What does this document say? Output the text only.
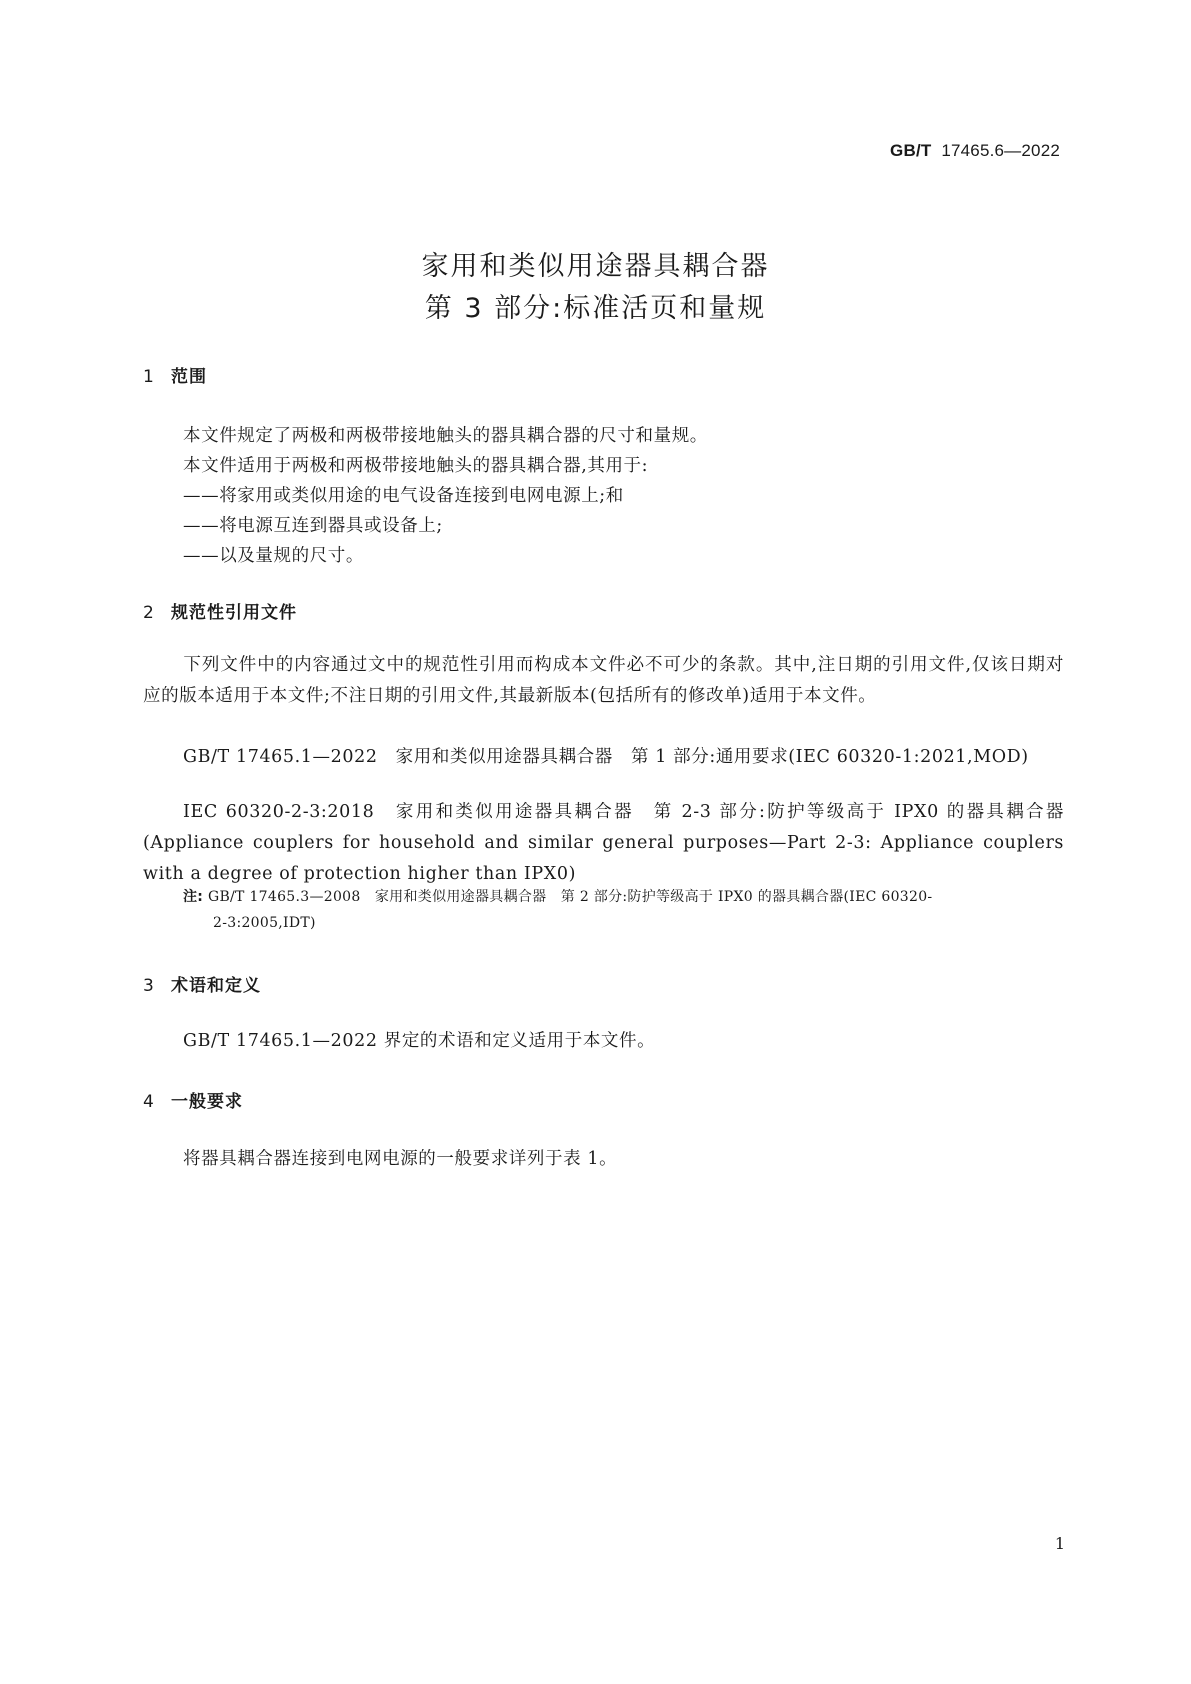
GB/T 17465.6—2022
家用和类似用途器具耦合器
第 3 部分:标准活页和量规
1 范围
本文件规定了两极和两极带接地触头的器具耦合器的尺寸和量规。
本文件适用于两极和两极带接地触头的器具耦合器,其用于:
——将家用或类似用途的电气设备连接到电网电源上;和
——将电源互连到器具或设备上;
——以及量规的尺寸。
2 规范性引用文件
下列文件中的内容通过文中的规范性引用而构成本文件必不可少的条款。其中,注日期的引用文件,仅该日期对应的版本适用于本文件;不注日期的引用文件,其最新版本(包括所有的修改单)适用于本文件。
GB/T 17465.1—2022　家用和类似用途器具耦合器　第 1 部分:通用要求(IEC 60320-1:2021,MOD)
IEC 60320-2-3:2018　家用和类似用途器具耦合器　第 2-3 部分:防护等级高于 IPX0 的器具耦合器(Appliance couplers for household and similar general purposes—Part 2-3: Appliance couplers with a degree of protection higher than IPX0)
注: GB/T 17465.3—2008　家用和类似用途器具耦合器　第 2 部分:防护等级高于 IPX0 的器具耦合器(IEC 60320-
2-3:2005,IDT)
3 术语和定义
GB/T 17465.1—2022 界定的术语和定义适用于本文件。
4 一般要求
将器具耦合器连接到电网电源的一般要求详列于表 1。
1
